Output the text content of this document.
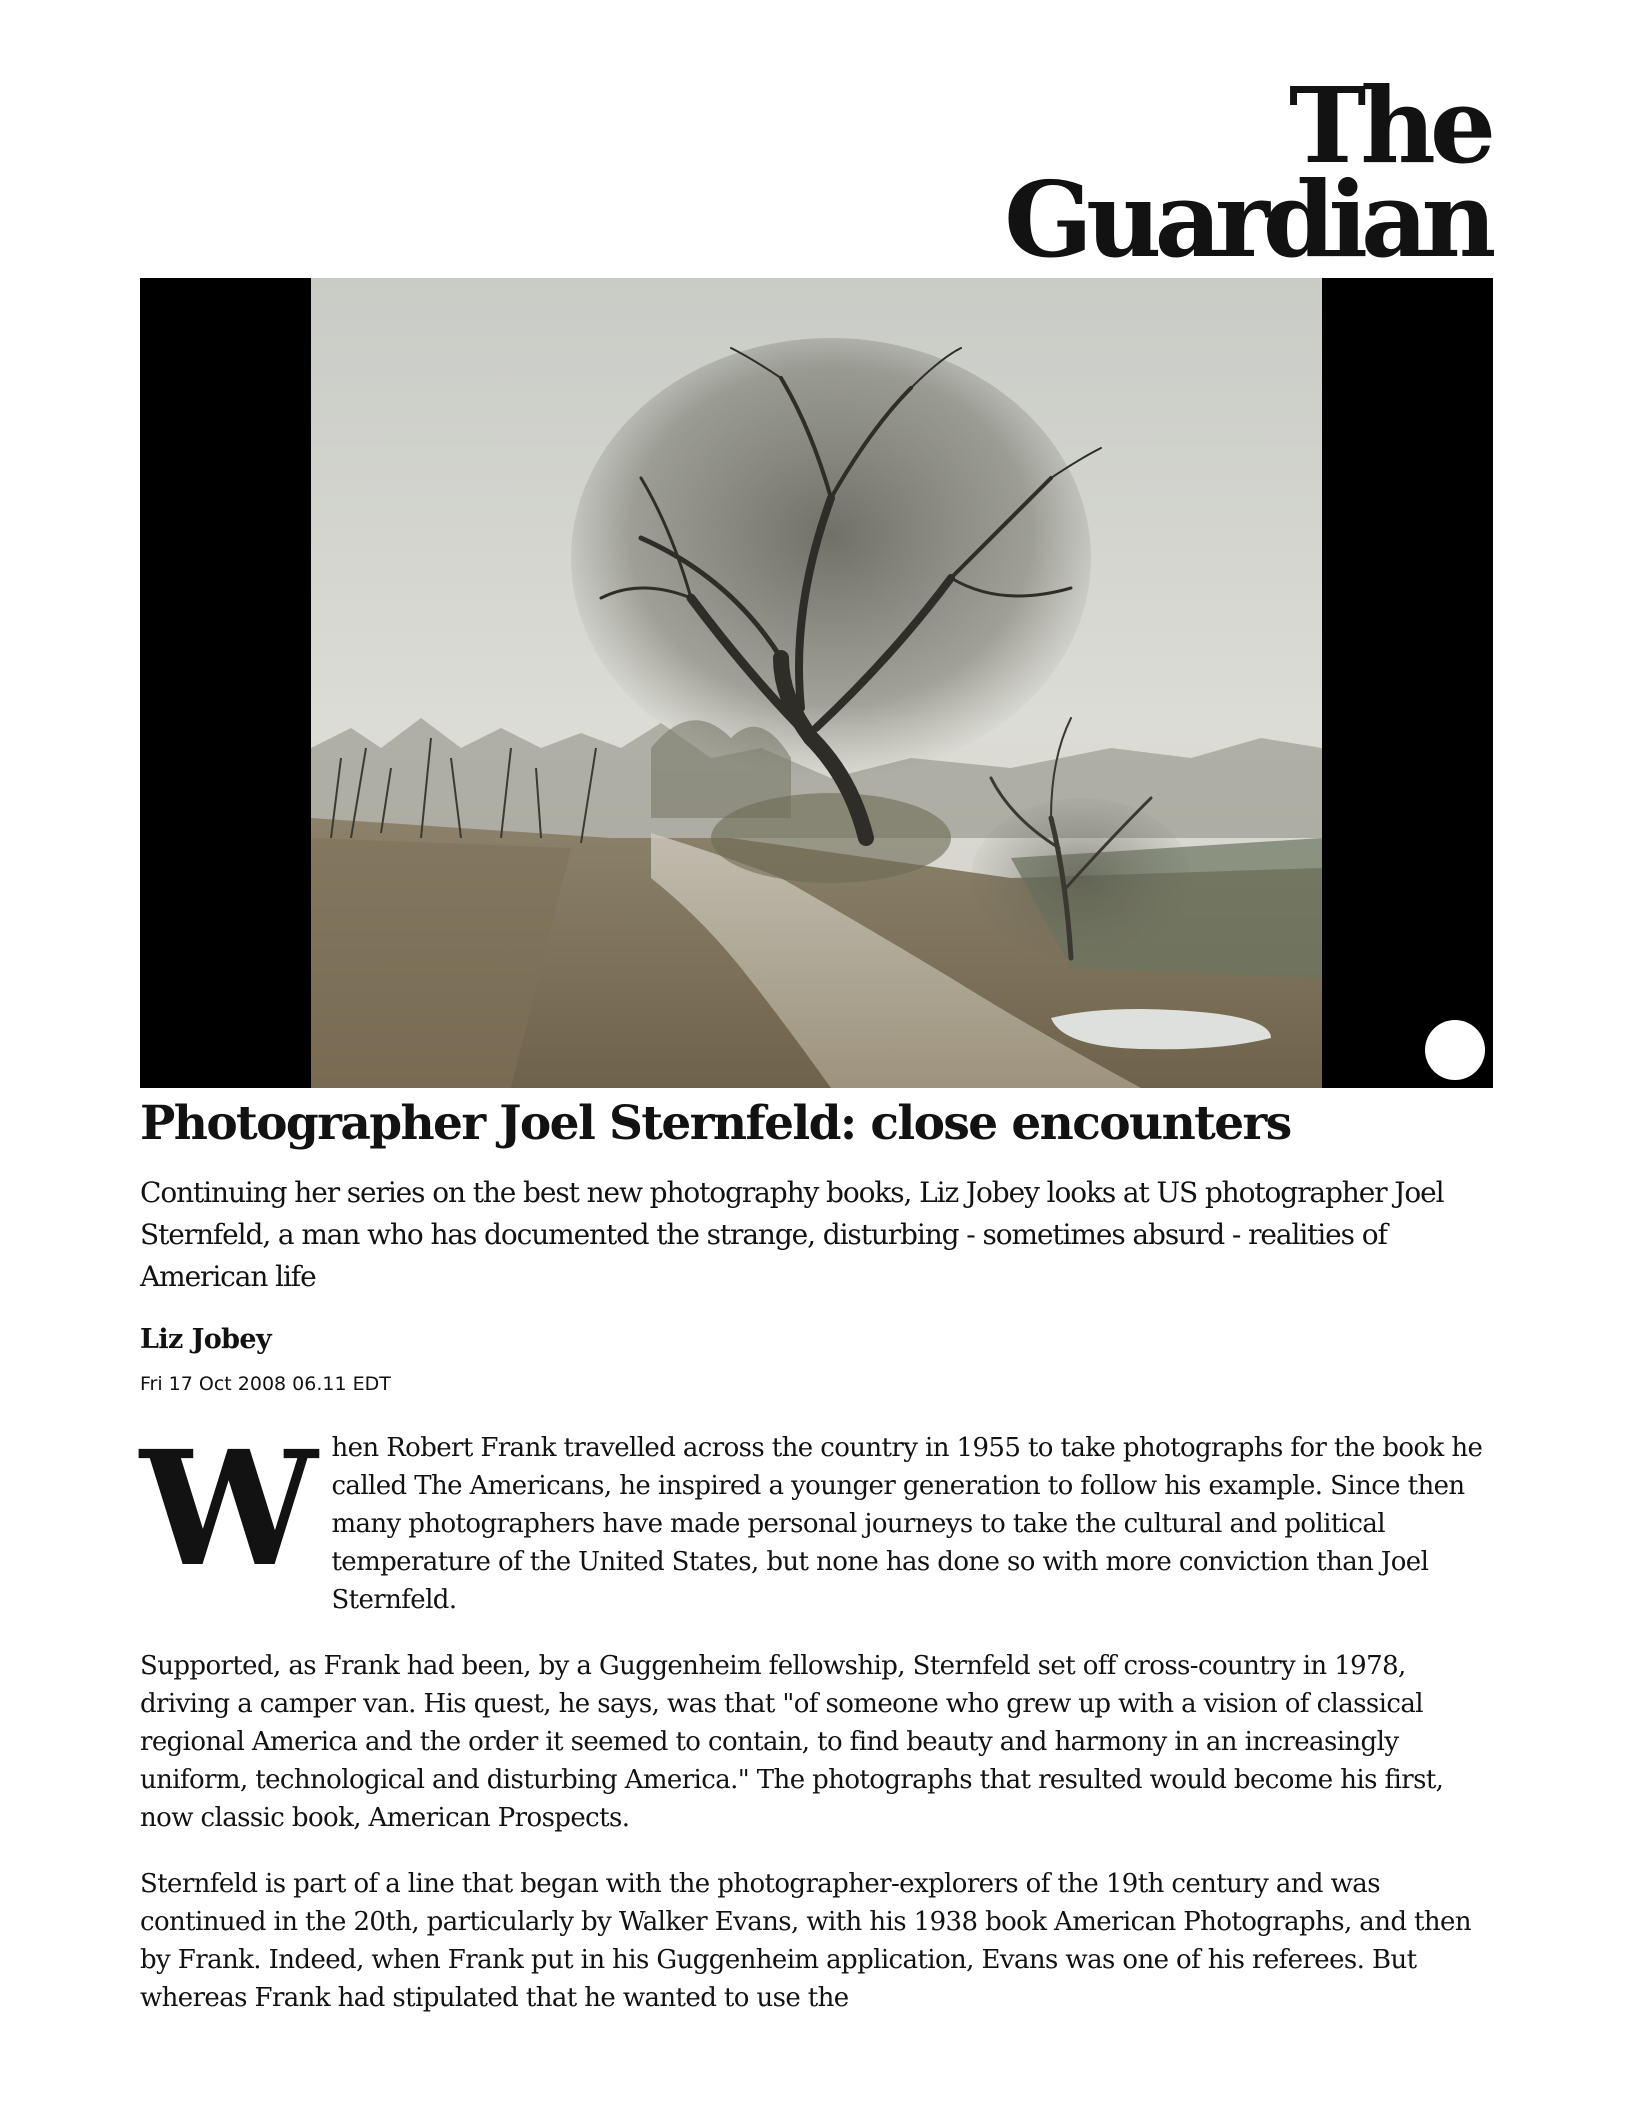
The
Guardian
Photographer Joel Sternfeld: close encounters

Continuing her series on the best new photography books, Liz Jobey looks at US photographer Joel Sternfeld, a man who has documented the strange, disturbing - sometimes absurd - realities of American life

Liz Jobey
Fri 17 Oct 2008 06.11 EDT

When Robert Frank travelled across the country in 1955 to take photographs for the book he called The Americans, he inspired a younger generation to follow his example. Since then many photographers have made personal journeys to take the cultural and political temperature of the United States, but none has done so with more conviction than Joel Sternfeld.

Supported, as Frank had been, by a Guggenheim fellowship, Sternfeld set off cross-country in 1978, driving a camper van. His quest, he says, was that "of someone who grew up with a vision of classical regional America and the order it seemed to contain, to find beauty and harmony in an increasingly uniform, technological and disturbing America." The photographs that resulted would become his first, now classic book, American Prospects.

Sternfeld is part of a line that began with the photographer-explorers of the 19th century and was continued in the 20th, particularly by Walker Evans, with his 1938 book American Photographs, and then by Frank. Indeed, when Frank put in his Guggenheim application, Evans was one of his referees. But whereas Frank had stipulated that he wanted to use the
